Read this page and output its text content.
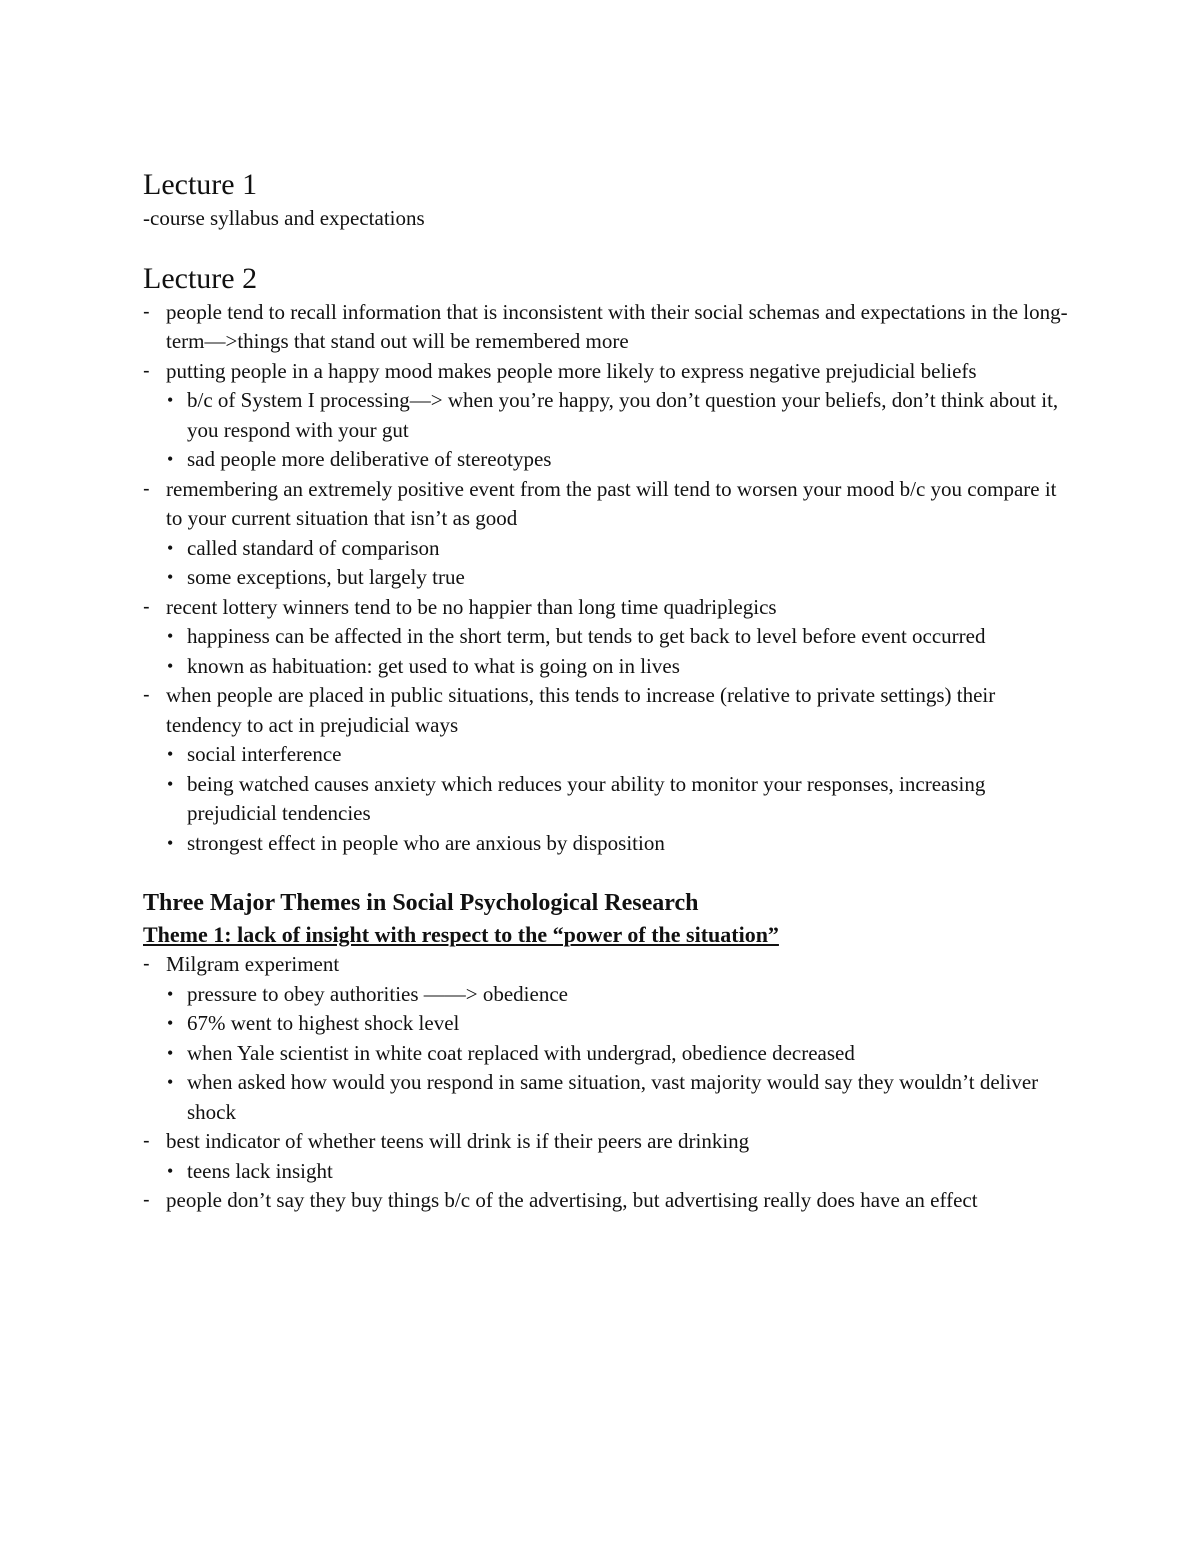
Lecture 1

-course syllabus and expectations

Lecture 2
- people tend to recall information that is inconsistent with their social schemas and expectations in the long-term—>things that stand out will be remembered more
- putting people in a happy mood makes people more likely to express negative prejudicial beliefs
• b/c of System I processing—> when you’re happy, you don’t question your beliefs, don’t think about it, you respond with your gut
• sad people more deliberative of stereotypes
- remembering an extremely positive event from the past will tend to worsen your mood b/c you compare it to your current situation that isn’t as good
• called standard of comparison
• some exceptions, but largely true
- recent lottery winners tend to be no happier than long time quadriplegics
• happiness can be affected in the short term, but tends to get back to level before event occurred
• known as habituation: get used to what is going on in lives
- when people are placed in public situations, this tends to increase (relative to private settings) their tendency to act in prejudicial ways
• social interference
• being watched causes anxiety which reduces your ability to monitor your responses, increasing prejudicial tendencies
• strongest effect in people who are anxious by disposition
Three Major Themes in Social Psychological Research
Theme 1: lack of insight with respect to the “power of the situation”
- Milgram experiment
• pressure to obey authorities ——> obedience
• 67% went to highest shock level
• when Yale scientist in white coat replaced with undergrad, obedience decreased
• when asked how would you respond in same situation, vast majority would say they wouldn’t deliver shock
- best indicator of whether teens will drink is if their peers are drinking
• teens lack insight
- people don’t say they buy things b/c of the advertising, but advertising really does have an effect
